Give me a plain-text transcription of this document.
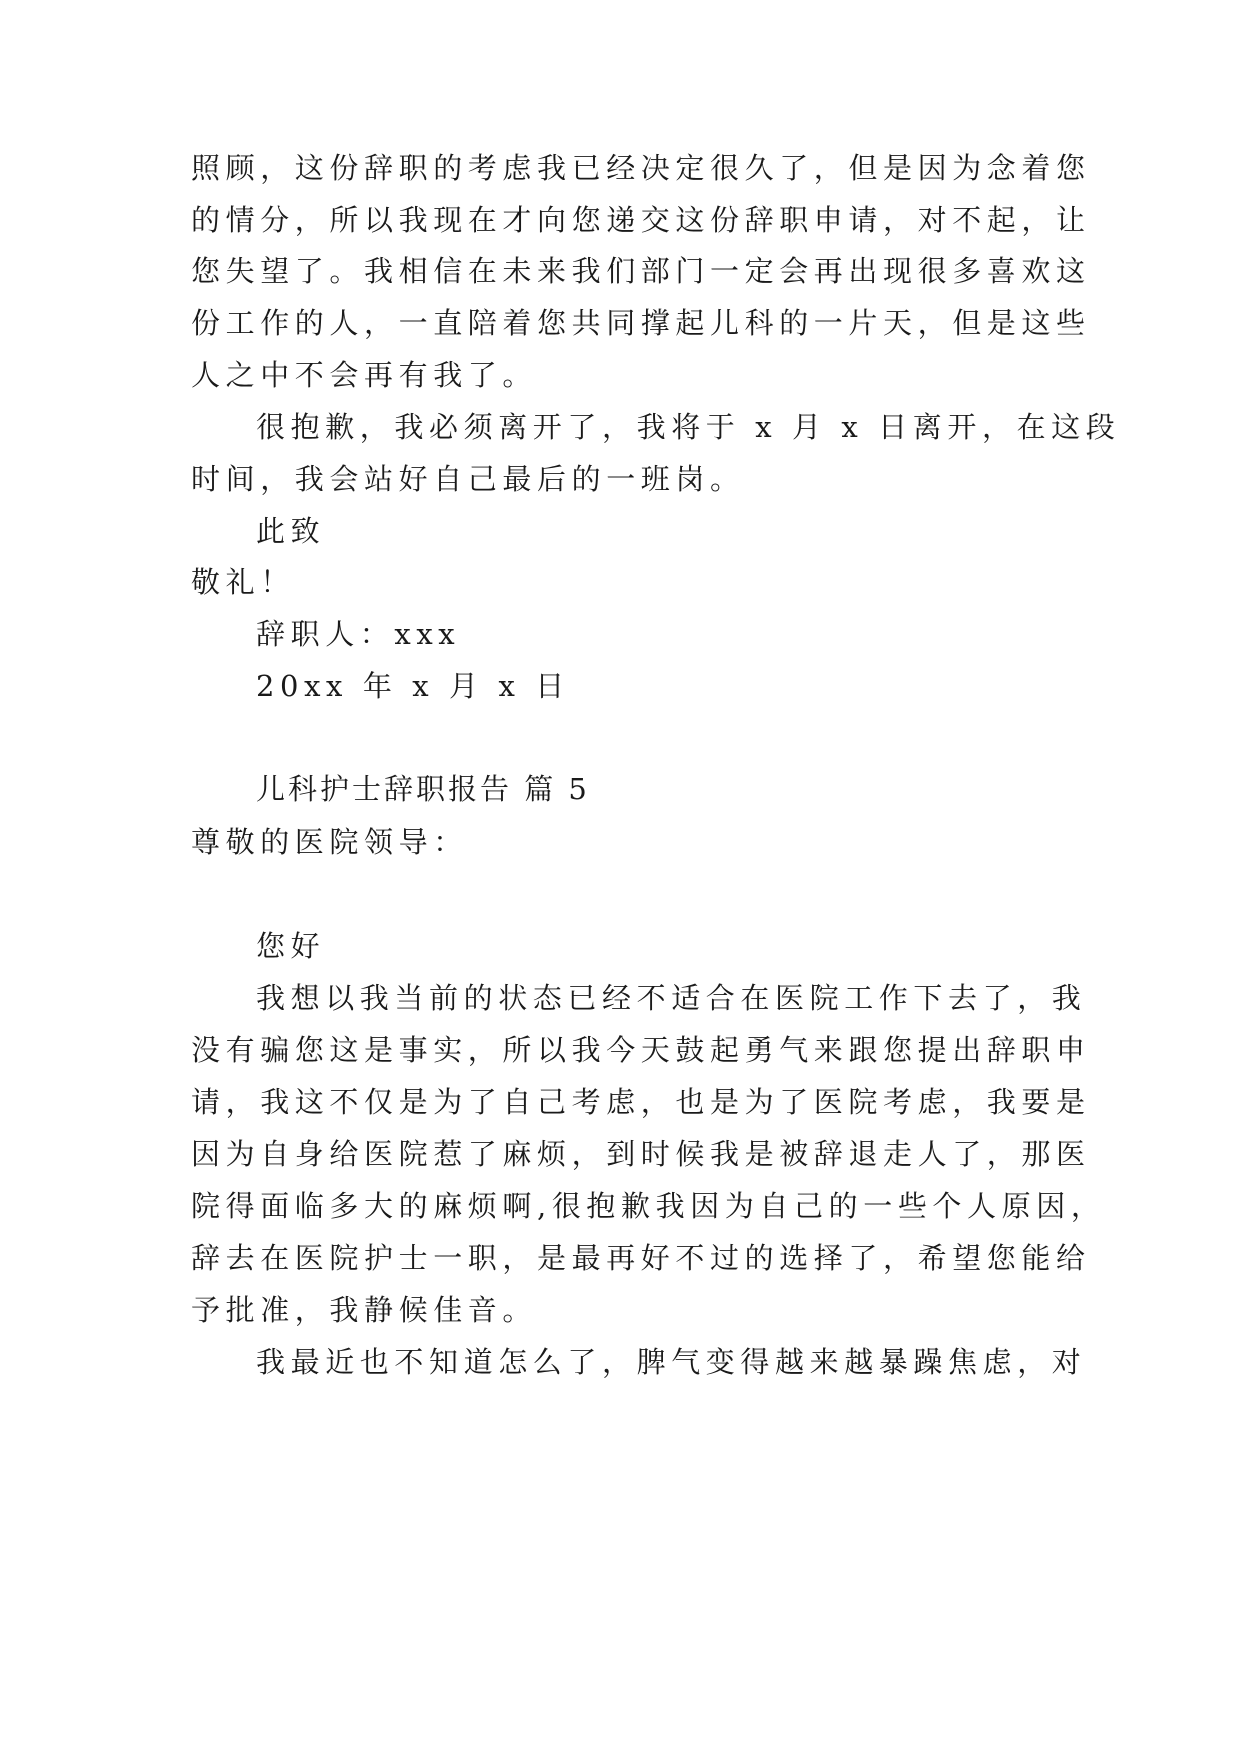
照顾，这份辞职的考虑我已经决定很久了，但是因为念着您
的情分，所以我现在才向您递交这份辞职申请，对不起，让
您失望了。我相信在未来我们部门一定会再出现很多喜欢这
份工作的人，一直陪着您共同撑起儿科的一片天，但是这些
人之中不会再有我了。
很抱歉，我必须离开了，我将于 x 月 x 日离开，在这段
时间，我会站好自己最后的一班岗。
此致
敬礼！
辞职人：xxx
20xx 年 x 月 x 日
儿科护士辞职报告 篇 5
尊敬的医院领导：
您好
我想以我当前的状态已经不适合在医院工作下去了，我
没有骗您这是事实，所以我今天鼓起勇气来跟您提出辞职申
请，我这不仅是为了自己考虑，也是为了医院考虑，我要是
因为自身给医院惹了麻烦，到时候我是被辞退走人了，那医
院得面临多大的麻烦啊,很抱歉我因为自己的一些个人原因，
辞去在医院护士一职，是最再好不过的选择了，希望您能给
予批准，我静候佳音。
我最近也不知道怎么了，脾气变得越来越暴躁焦虑，对
